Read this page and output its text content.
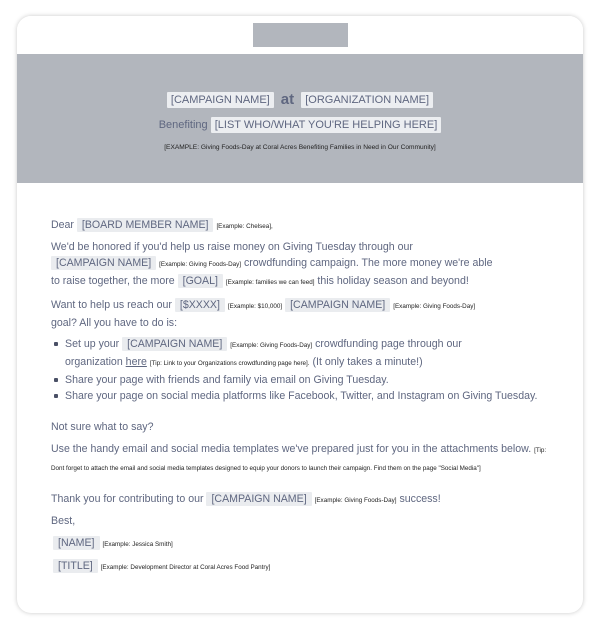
[CAMPAIGN NAME] at [ORGANIZATION NAME]
Benefiting [LIST WHO/WHAT YOU'RE HELPING HERE]
[EXAMPLE: Giving Foods-Day at Coral Acres Benefiting Families in Need in Our Community]
Dear [BOARD MEMBER NAME] [Example: Chelsea],
We'd be honored if you'd help us raise money on Giving Tuesday through our
[CAMPAIGN NAME] [Example: Giving Foods-Day] crowdfunding campaign. The more money we're able
to raise together, the more [GOAL] [Example: families we can feed] this holiday season and beyond!
Want to help us reach our [$XXXX] [Example: $10,000] [CAMPAIGN NAME] [Example: Giving Foods-Day]
goal? All you have to do is:
Set up your [CAMPAIGN NAME] [Example: Giving Foods-Day] crowdfunding page through our
organization here [Tip: Link to your Organizations crowdfunding page here]. (It only takes a minute!)
Share your page with friends and family via email on Giving Tuesday.
Share your page on social media platforms like Facebook, Twitter, and Instagram on Giving Tuesday.
Not sure what to say?
Use the handy email and social media templates we've prepared just for you in the attachments below. [Tip: Dont forget to attach the email and social media templates designed to equip your donors to launch their campaign. Find them on the page "Social Media"]
Thank you for contributing to our [CAMPAIGN NAME] [Example: Giving Foods-Day] success!
Best,
[NAME] [Example: Jessica Smith]
[TITLE] [Example: Development Director at Coral Acres Food Pantry]
